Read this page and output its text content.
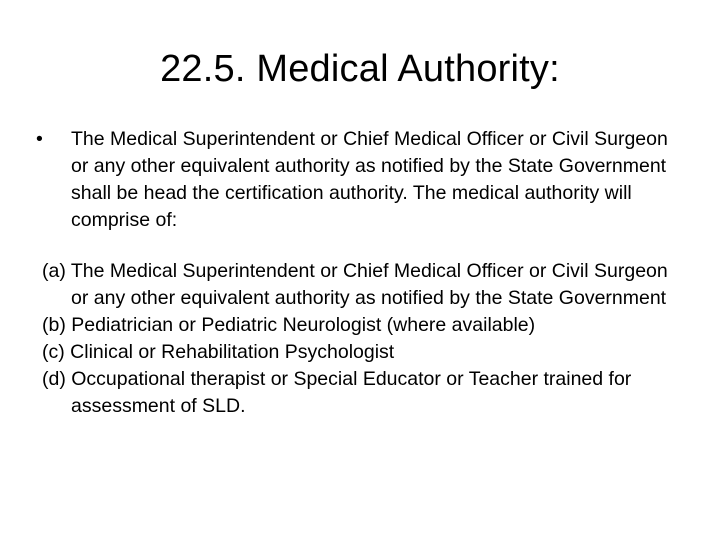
22.5. Medical Authority:
• The Medical Superintendent or Chief Medical Officer or Civil Surgeon or any other equivalent authority as notified by the State Government shall be head the certification authority. The medical authority will comprise of:
(a) The Medical Superintendent or Chief Medical Officer or Civil Surgeon or any other equivalent authority as notified by the State Government
(b) Pediatrician or Pediatric Neurologist (where available)
(c) Clinical or Rehabilitation Psychologist
(d) Occupational therapist or Special Educator or Teacher trained for assessment of SLD.
